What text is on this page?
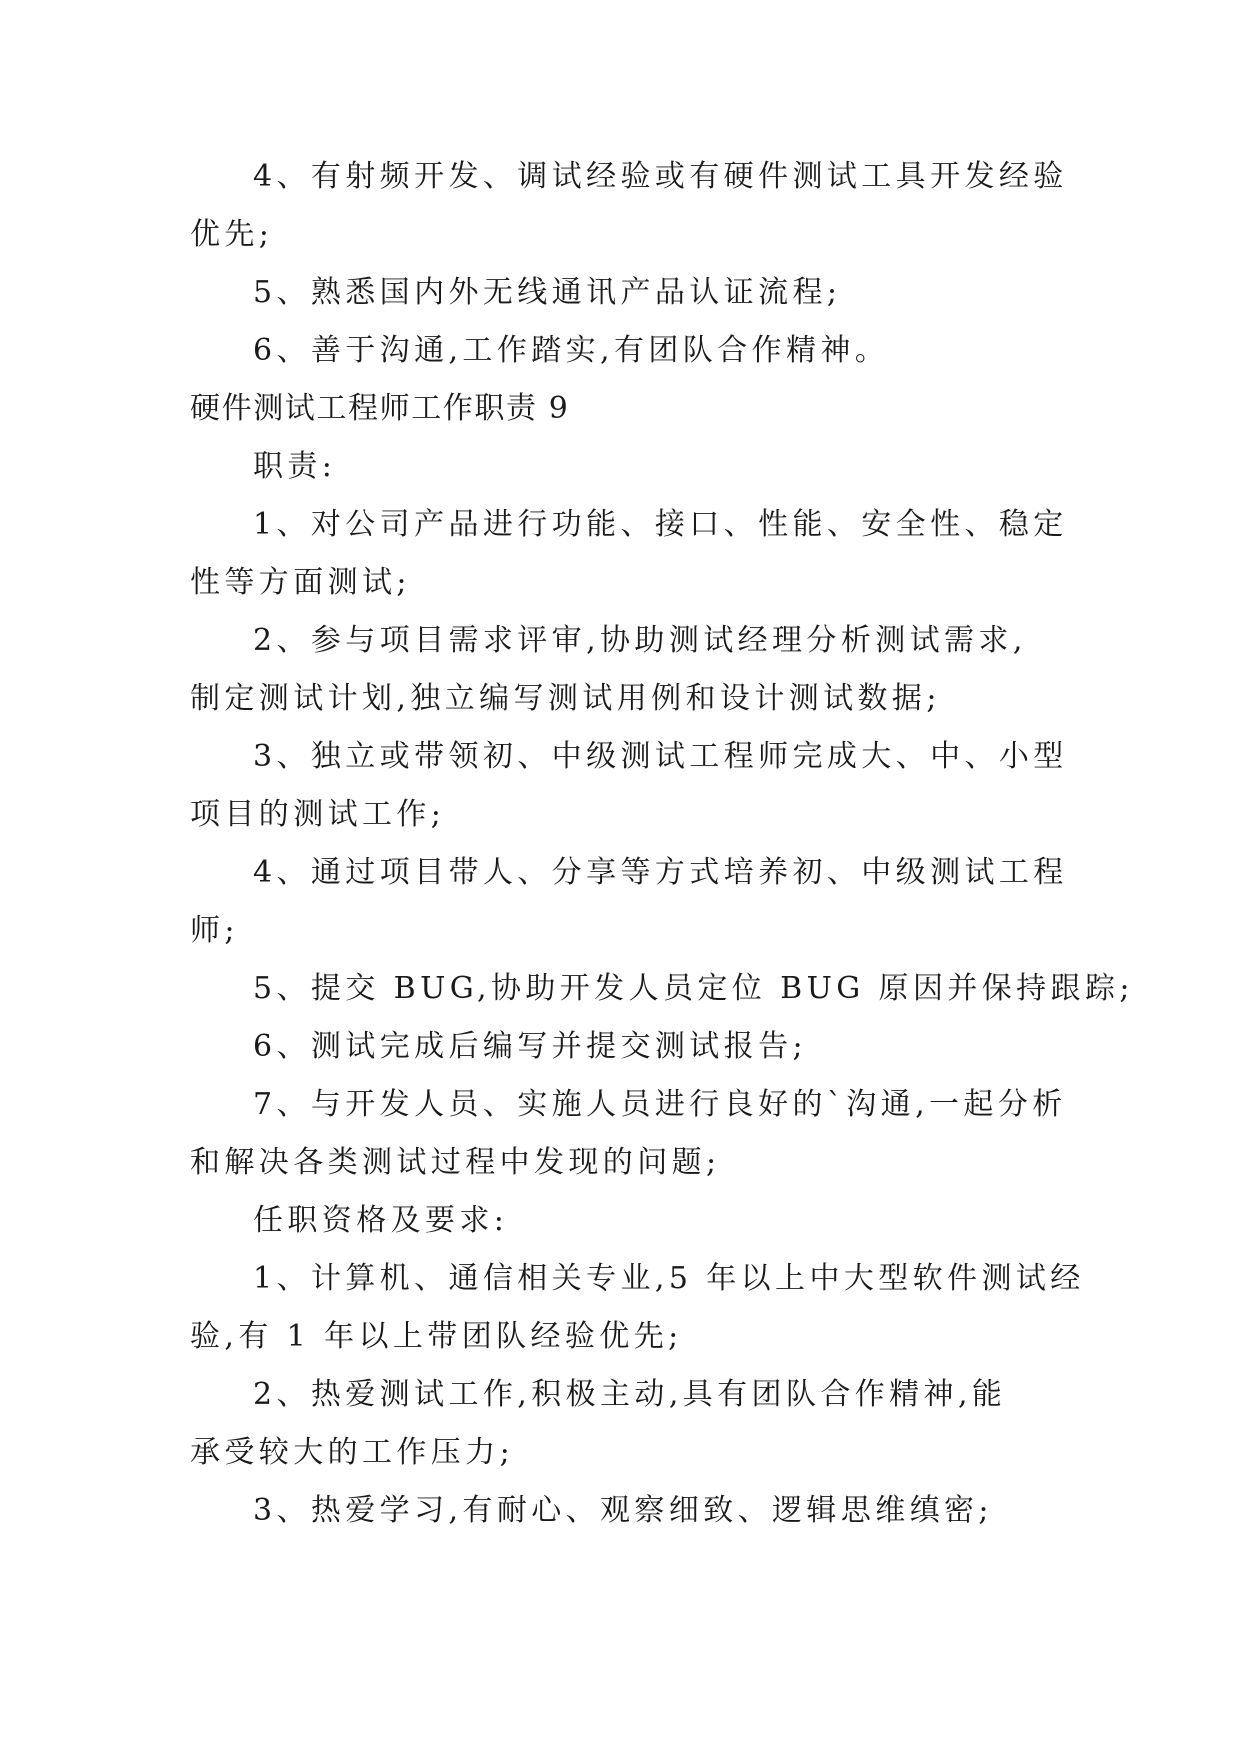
4、有射频开发、调试经验或有硬件测试工具开发经验
优先;
5、熟悉国内外无线通讯产品认证流程;
6、善于沟通,工作踏实,有团队合作精神。
硬件测试工程师工作职责 9
职责:
1、对公司产品进行功能、接口、性能、安全性、稳定
性等方面测试;
2、参与项目需求评审,协助测试经理分析测试需求,
制定测试计划,独立编写测试用例和设计测试数据;
3、独立或带领初、中级测试工程师完成大、中、小型
项目的测试工作;
4、通过项目带人、分享等方式培养初、中级测试工程
师;
5、提交 BUG,协助开发人员定位 BUG 原因并保持跟踪;
6、测试完成后编写并提交测试报告;
7、与开发人员、实施人员进行良好的`沟通,一起分析
和解决各类测试过程中发现的问题;
任职资格及要求:
1、计算机、通信相关专业,5 年以上中大型软件测试经
验,有 1 年以上带团队经验优先;
2、热爱测试工作,积极主动,具有团队合作精神,能
承受较大的工作压力;
3、热爱学习,有耐心、观察细致、逻辑思维缜密;
